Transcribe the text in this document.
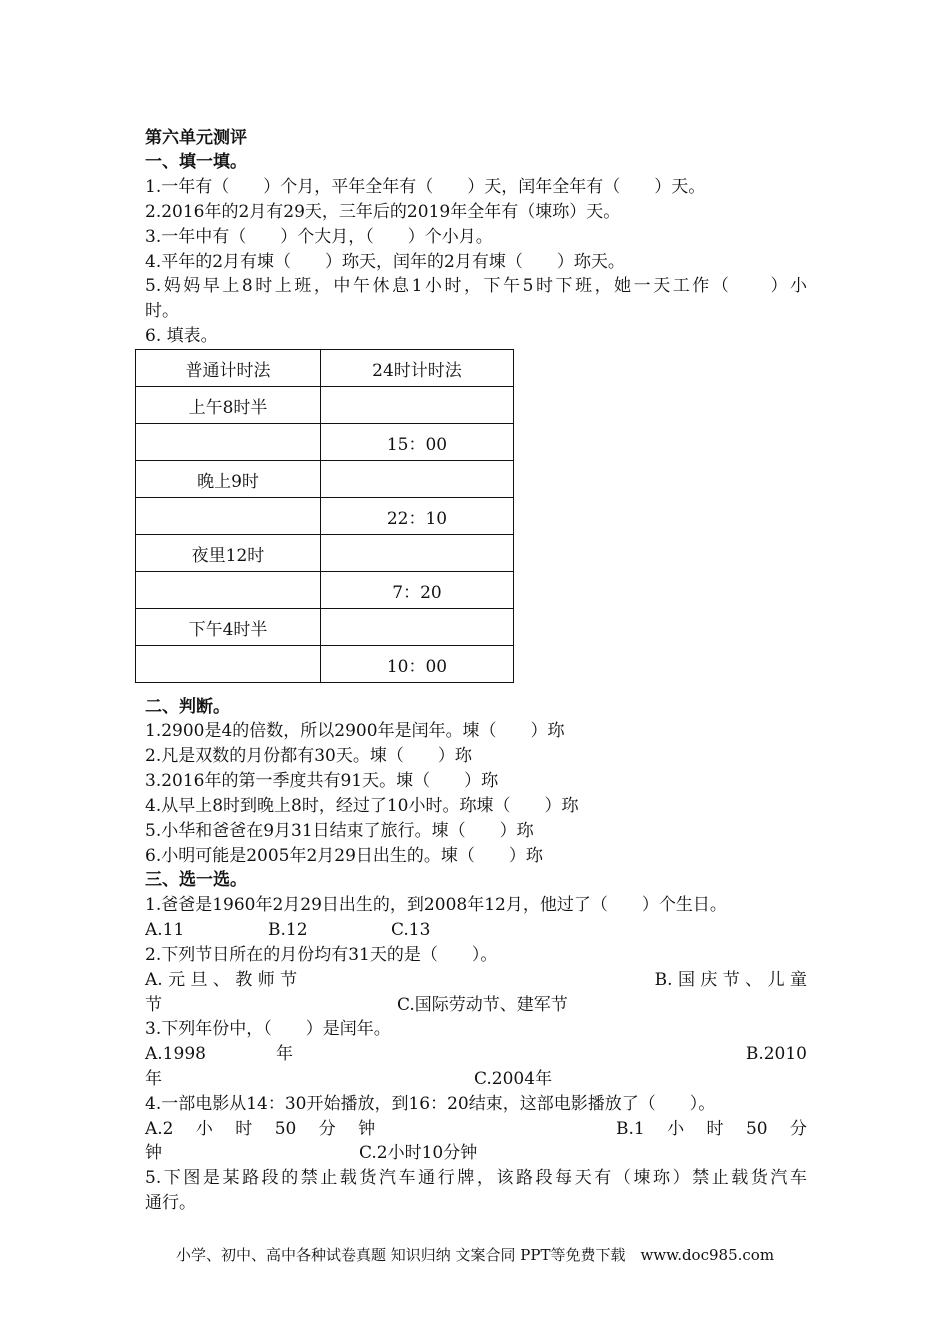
第六单元测评
一、填一填。
1.一年有（　　）个月，平年全年有（　　）天，闰年全年有（　　）天。
2.2016年的2月有29天，三年后的2019年全年有（埬珎）天。
3.一年中有（　　）个大月，（　　）个小月。
4.平年的2月有埬（　　）珎天，闰年的2月有埬（　　）珎天。
5.妈妈早上8时上班，中午休息1小时，下午5时下班，她一天工作（　　）小
时。
6. 填表。
普通计时法	24时计时法
上午8时半	
	15：00
晚上9时	
	22：10
夜里12时	
	7：20
下午4时半	
	10：00
二、判断。
1.2900是4的倍数，所以2900年是闰年。埬（　　）珎
2.凡是双数的月份都有30天。埬（　　）珎
3.2016年的第一季度共有91天。埬（　　）珎
4.从早上8时到晚上8时，经过了10小时。珎埬（　　）珎
5.小华和爸爸在9月31日结束了旅行。埬（　　）珎
6.小明可能是2005年2月29日出生的。埬（　　）珎
三、选一选。
1.爸爸是1960年2月29日出生的，到2008年12月，他过了（　　）个生日。
A.11	B.12	C.13
2.下列节日所在的月份均有31天的是（　　）。
A. 元 旦 、 教 师 节	B. 国 庆 节 、 儿 童
节	C.国际劳动节、建军节
3.下列年份中，（　　）是闰年。
A.1998	年	B.2010
年	C.2004年
4.一部电影从14：30开始播放，到16：20结束，这部电影播放了（　　）。
A.2 　小 　时 　50 　分 　钟	B.1 　小 　时 　50 　分
钟	C.2小时10分钟
5.下图是某路段的禁止载货汽车通行牌，该路段每天有（埬珎）禁止载货汽车
通行。
小学、初中、高中各种试卷真题 知识归纳 文案合同 PPT等免费下载　www.doc985.com
